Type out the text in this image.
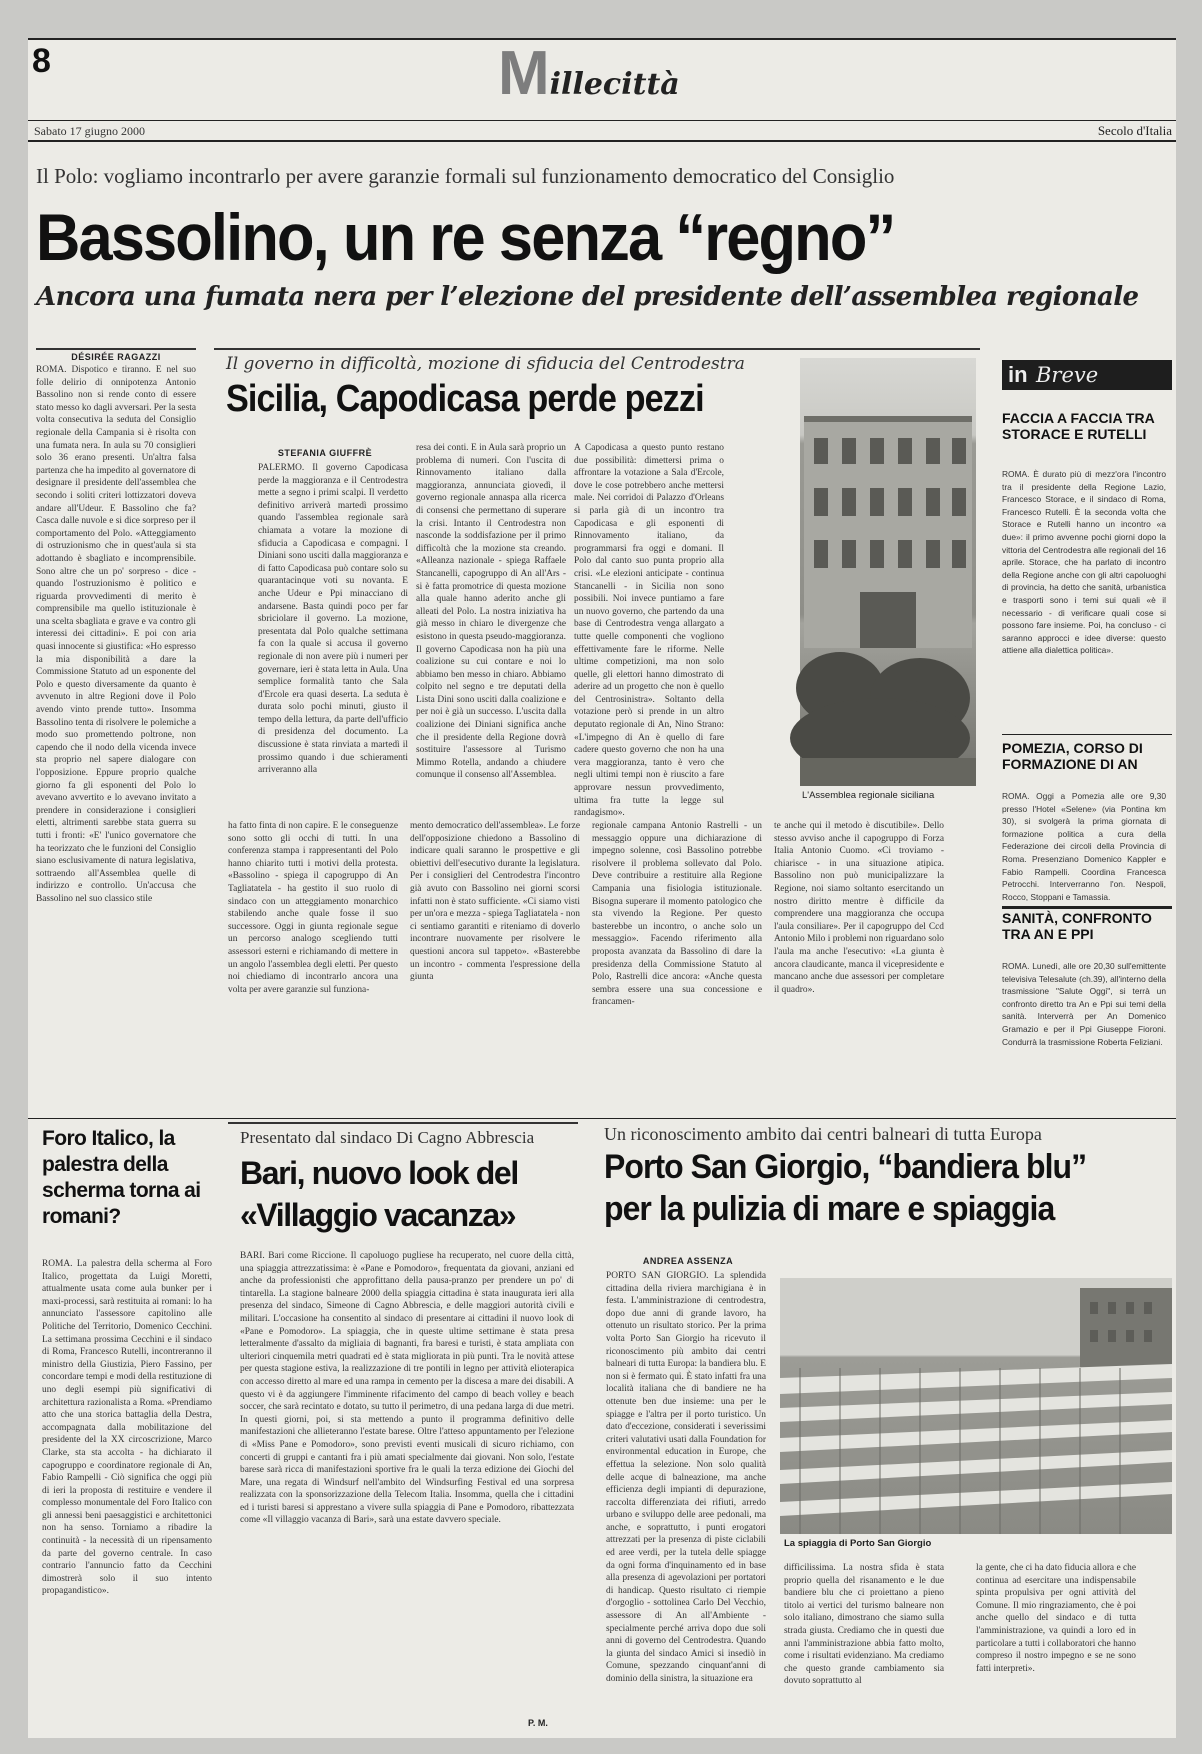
8	Millecittà
Sabato 17 giugno 2000	Secolo d'Italia
Il Polo: vogliamo incontrarlo per avere garanzie formali sul funzionamento democratico del Consiglio
Bassolino, un re senza “regno”
Ancora una fumata nera per l’elezione del presidente dell’assemblea regionale
DÉSIRÉE RAGAZZI
ROMA. Dispotico e tiranno. E nel suo folle delirio di onnipotenza Antonio Bassolino non si rende conto di essere stato messo ko dagli avversari. Per la sesta volta consecutiva la seduta del Consiglio regionale della Campania si è risolta con una fumata nera. In aula su 70 consiglieri solo 36 erano presenti. Un'altra falsa partenza che ha impedito al governatore di designare il presidente dell'assemblea che secondo i soliti criteri lottizzatori doveva andare all'Udeur. E Bassolino che fa? Casca dalle nuvole e si dice sorpreso per il comportamento del Polo. «Atteggiamento di ostruzionismo che in quest'aula si sta adottando è sbagliato e incomprensibile. Sono altre che un po' sorpreso - dice - quando l'ostruzionismo è politico e riguarda provvedimenti di merito è comprensibile ma quello istituzionale è una scelta sbagliata e grave e va contro gli interessi dei cittadini». E poi con aria quasi innocente si giustifica: «Ho espresso la mia disponibilità a dare la Commissione Statuto ad un esponente del Polo e questo diversamente da quanto è avvenuto in altre Regioni dove il Polo avendo vinto prende tutto». Insomma Bassolino tenta di risolvere le polemiche a modo suo promettendo poltrone, non capendo che il nodo della vicenda invece sta proprio nel sapere dialogare con l'opposizione. Eppure proprio qualche giorno fa gli esponenti del Polo lo avevano avvertito e lo avevano invitato a prendere in considerazione i consiglieri eletti, altrimenti sarebbe stata guerra su tutti i fronti: «E' l'unico governatore che ha teorizzato che le funzioni del Consiglio siano esclusivamente di natura legislativa, sottraendo all'Assemblea quelle di indirizzo e controllo. Un'accusa che Bassolino nel suo classico stile
Il governo in difficoltà, mozione di sfiducia del Centrodestra
Sicilia, Capodicasa perde pezzi
STEFANIA GIUFFRÈ
PALERMO. Il governo Capodicasa perde la maggioranza e il Centrodestra mette a segno i primi scalpi. Il verdetto definitivo arriverà martedì prossimo quando l'assemblea regionale sarà chiamata a votare la mozione di sfiducia a Capodicasa e compagni. I Diniani sono usciti dalla maggioranza e di fatto Capodicasa può contare solo su quarantacinque voti su novanta. E anche Udeur e Ppi minacciano di andarsene. Basta quindi poco per far sbriciolare il governo. La mozione, presentata dal Polo qualche settimana fa con la quale si accusa il governo regionale di non avere più i numeri per governare, ieri è stata letta in Aula. Una semplice formalità tanto che Sala d'Ercole era quasi deserta. La seduta è durata solo pochi minuti, giusto il tempo della lettura, da parte dell'ufficio di presidenza del documento. La discussione è stata rinviata a martedì il prossimo quando i due schieramenti arriveranno alla
resa dei conti. E in Aula sarà proprio un problema di numeri. Con l'uscita di Rinnovamento italiano dalla maggioranza, annunciata giovedì, il governo regionale annaspa alla ricerca di consensi che permettano di superare la crisi. Intanto il Centrodestra non nasconde la soddisfazione per il primo difficoltà che la mozione sta creando. «Alleanza nazionale - spiega Raffaele Stancanelli, capogruppo di An all'Ars - si è fatta promotrice di questa mozione alla quale hanno aderito anche gli alleati del Polo. La nostra iniziativa ha già messo in chiaro le divergenze che esistono in questa pseudo-maggioranza. Il governo Capodicasa non ha più una coalizione su cui contare e noi lo abbiamo ben messo in chiaro. Abbiamo colpito nel segno e tre deputati della Lista Dini sono usciti dalla coalizione e per noi è già un successo. L'uscita dalla coalizione dei Diniani significa anche che il presidente della Regione dovrà sostituire l'assessore al Turismo Mimmo Rotella, andando a chiudere comunque il consenso all'Assemblea.
A Capodicasa a questo punto restano due possibilità: dimettersi prima o affrontare la votazione a Sala d'Ercole, dove le cose potrebbero anche mettersi male. Nei corridoi di Palazzo d'Orleans si parla già di un incontro tra Capodicasa e gli esponenti di Rinnovamento italiano, da programmarsi fra oggi e domani. Il Polo dal canto suo punta proprio alla crisi. «Le elezioni anticipate - continua Stancanelli - in Sicilia non sono possibili. Noi invece puntiamo a fare un nuovo governo, che partendo da una base di Centrodestra venga allargato a tutte quelle componenti che vogliono effettivamente fare le riforme. Nelle ultime competizioni, ma non solo quelle, gli elettori hanno dimostrato di aderire ad un progetto che non è quello del Centrosinistra». Soltanto della votazione però si prende in un altro deputato regionale di An, Nino Strano: «L'impegno di An è quello di fare cadere questo governo che non ha una vera maggioranza, tanto è vero che negli ultimi tempi non è riuscito a fare approvare nessun provvedimento, ultima fra tutte la legge sul randagismo».
L'Assemblea regionale siciliana
ha fatto finta di non capire. E le conseguenze sono sotto gli occhi di tutti. In una conferenza stampa i rappresentanti del Polo hanno chiarito tutti i motivi della protesta. «Bassolino - spiega il capogruppo di An Tagliatatela - ha gestito il suo ruolo di sindaco con un atteggiamento monarchico stabilendo anche quale fosse il suo successore. Oggi in giunta regionale segue un percorso analogo scegliendo tutti assessori esterni e richiamando di mettere in un angolo l'assemblea degli eletti. Per questo noi chiediamo di incontrarlo ancora una volta per avere garanzie sul funziona-
mento democratico dell'assemblea». Le forze dell'opposizione chiedono a Bassolino di indicare quali saranno le prospettive e gli obiettivi dell'esecutivo durante la legislatura. Per i consiglieri del Centrodestra l'incontro già avuto con Bassolino nei giorni scorsi infatti non è stato sufficiente. «Ci siamo visti per un'ora e mezza - spiega Tagliatatela - non ci sentiamo garantiti e riteniamo di doverlo incontrare nuovamente per risolvere le questioni ancora sul tappeto». «Basterebbe un incontro - commenta l'espressione della giunta
regionale campana Antonio Rastrelli - un messaggio oppure una dichiarazione di impegno solenne, così Bassolino potrebbe risolvere il problema sollevato dal Polo. Deve contribuire a restituire alla Regione Campania una fisiologia istituzionale. Bisogna superare il momento patologico che sta vivendo la Regione. Per questo basterebbe un incontro, o anche solo un messaggio». Facendo riferimento alla proposta avanzata da Bassolino di dare la presidenza della Commissione Statuto al Polo, Rastrelli dice ancora: «Anche questa sembra essere una sua concessione e francamen-
te anche qui il metodo è discutibile». Dello stesso avviso anche il capogruppo di Forza Italia Antonio Cuomo. «Ci troviamo - chiarisce - in una situazione atipica. Bassolino non può municipalizzare la Regione, noi siamo soltanto esercitando un nostro diritto mentre è difficile da comprendere una maggioranza che occupa l'aula consiliare». Per il capogruppo del Ccd Antonio Milo i problemi non riguardano solo l'aula ma anche l'esecutivo: «La giunta è ancora claudicante, manca il vicepresidente e mancano anche due assessori per completare il quadro».
in Breve
FACCIA A FACCIA TRA STORACE E RUTELLI
ROMA. È durato più di mezz'ora l'incontro tra il presidente della Regione Lazio, Francesco Storace, e il sindaco di Roma, Francesco Rutelli. È la seconda volta che Storace e Rutelli hanno un incontro «a due»: il primo avvenne pochi giorni dopo la vittoria del Centrodestra alle regionali del 16 aprile. Storace, che ha parlato di incontro della Regione anche con gli altri capoluoghi di provincia, ha detto che sanità, urbanistica e trasporti sono i temi sui quali «è il necessario - di verificare quali cose si possono fare insieme. Poi, ha concluso - ci saranno approcci e idee diverse: questo attiene alla dialettica politica».
POMEZIA, CORSO DI FORMAZIONE DI AN
ROMA. Oggi a Pomezia alle ore 9,30 presso l'Hotel «Selene» (via Pontina km 30), si svolgerà la prima giornata di formazione politica a cura della Federazione dei circoli della Provincia di Roma. Presenziano Domenico Kappler e Fabio Rampelli. Coordina Francesca Petrocchi. Interverranno l'on. Nespoli, Rocco, Stoppani e Tamassia.
SANITÀ, CONFRONTO TRA AN E PPI
ROMA. Lunedì, alle ore 20,30 sull'emittente televisiva Telesalute (ch.39), all'interno della trasmissione "Salute Oggi", si terrà un confronto diretto tra An e Ppi sui temi della sanità. Interverrà per An Domenico Gramazio e per il Ppi Giuseppe Fioroni. Condurrà la trasmissione Roberta Feliziani.
Foro Italico, la palestra della scherma torna ai romani?
ROMA. La palestra della scherma al Foro Italico, progettata da Luigi Moretti, attualmente usata come aula bunker per i maxi-processi, sarà restituita ai romani: lo ha annunciato l'assessore capitolino alle Politiche del Territorio, Domenico Cecchini. La settimana prossima Cecchini e il sindaco di Roma, Francesco Rutelli, incontreranno il ministro della Giustizia, Piero Fassino, per concordare tempi e modi della restituzione di uno degli esempi più significativi di architettura razionalista a Roma. «Prendiamo atto che una storica battaglia della Destra, accompagnata dalla mobilitazione del presidente del la XX circoscrizione, Marco Clarke, sta sta accolta - ha dichiarato il capogruppo e coordinatore regionale di An, Fabio Rampelli - Ciò significa che oggi più di ieri la proposta di restituire e vendere il complesso monumentale del Foro Italico con gli annessi beni paesaggistici e architettonici non ha senso. Torniamo a ribadire la continuità - la necessità di un ripensamento da parte del governo centrale. In caso contrario l'annuncio fatto da Cecchini dimostrerà solo il suo intento propagandistico».
Presentato dal sindaco Di Cagno Abbrescia
Bari, nuovo look del «Villaggio vacanza»
BARI. Bari come Riccione. Il capoluogo pugliese ha recuperato, nel cuore della città, una spiaggia attrezzatissima: è «Pane e Pomodoro», frequentata da giovani, anziani ed anche da professionisti che approfittano della pausa-pranzo per prendere un po' di tintarella. La stagione balneare 2000 della spiaggia cittadina è stata inaugurata ieri alla presenza del sindaco, Simeone di Cagno Abbrescia, e delle maggiori autorità civili e militari. L'occasione ha consentito al sindaco di presentare ai cittadini il nuovo look di «Pane e Pomodoro». La spiaggia, che in queste ultime settimane è stata presa letteralmente d'assalto da migliaia di bagnanti, fra baresi e turisti, è stata ampliata con ulteriori cinquemila metri quadrati ed è stata migliorata in più punti. Tra le novità attese per questa stagione estiva, la realizzazione di tre pontili in legno per attività elioterapica con accesso diretto al mare ed una rampa in cemento per la discesa a mare dei disabili. A questo vi è da aggiungere l'imminente rifacimento del campo di beach volley e beach soccer, che sarà recintato e dotato, su tutto il perimetro, di una pedana larga di due metri. In questi giorni, poi, si sta mettendo a punto il programma definitivo delle manifestazioni che allieteranno l'estate barese. Oltre l'atteso appuntamento per l'elezione di «Miss Pane e Pomodoro», sono previsti eventi musicali di sicuro richiamo, con concerti di gruppi e cantanti fra i più amati specialmente dai giovani. Non solo, l'estate barese sarà ricca di manifestazioni sportive fra le quali la terza edizione dei Giochi del Mare, una regata di Windsurf nell'ambito del Windsurfing Festival ed una sorpresa realizzata con la sponsorizzazione della Telecom Italia. Insomma, quella che i cittadini ed i turisti baresi si apprestano a vivere sulla spiaggia di Pane e Pomodoro, ribattezzata come «Il villaggio vacanza di Bari», sarà una estate davvero speciale.
P. M.
Un riconoscimento ambito dai centri balneari di tutta Europa
Porto San Giorgio, “bandiera blu”
per la pulizia di mare e spiaggia
ANDREA ASSENZA
PORTO SAN GIORGIO. La splendida cittadina della riviera marchigiana è in festa. L'amministrazione di centrodestra, dopo due anni di grande lavoro, ha ottenuto un risultato storico. Per la prima volta Porto San Giorgio ha ricevuto il riconoscimento più ambito dai centri balneari di tutta Europa: la bandiera blu. E non si è fermato qui. È stato infatti fra una località italiana che di bandiere ne ha ottenute ben due insieme: una per le spiagge e l'altra per il porto turistico. Un dato d'eccezione, considerati i severissimi criteri valutativi usati dalla Foundation for environmental education in Europe, che effettua la selezione. Non solo qualità delle acque di balneazione, ma anche efficienza degli impianti di depurazione, raccolta differenziata dei rifiuti, arredo urbano e sviluppo delle aree pedonali, ma anche, e soprattutto, i punti erogatori attrezzati per la presenza di piste ciclabili ed aree verdi, per la tutela delle spiagge da ogni forma d'inquinamento ed in base alla presenza di agevolazioni per portatori di handicap. Questo risultato ci riempie d'orgoglio - sottolinea Carlo Del Vecchio, assessore di An all'Ambiente - specialmente perché arriva dopo due soli anni di governo del Centrodestra. Quando la giunta del sindaco Amici si insediò in Comune, spezzando cinquant'anni di dominio della sinistra, la situazione era
La spiaggia di Porto San Giorgio
difficilissima. La nostra sfida è stata proprio quella del risanamento e le due bandiere blu che ci proiettano a pieno titolo ai vertici del turismo balneare non solo italiano, dimostrano che siamo sulla strada giusta. Crediamo che in questi due anni l'amministrazione abbia fatto molto, come i risultati evidenziano. Ma crediamo che questo grande cambiamento sia dovuto soprattutto al
la gente, che ci ha dato fiducia allora e che continua ad esercitare una indispensabile spinta propulsiva per ogni attività del Comune. Il mio ringraziamento, che è poi anche quello del sindaco e di tutta l'amministrazione, va quindi a loro ed in particolare a tutti i collaboratori che hanno compreso il nostro impegno e se ne sono fatti interpreti».
